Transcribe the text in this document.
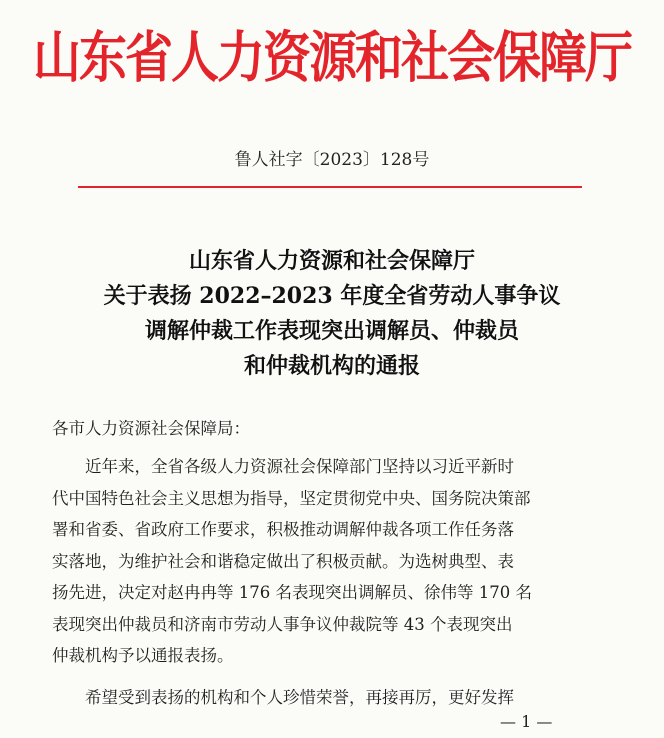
山东省人力资源和社会保障厅
鲁人社字〔2023〕128号
山东省人力资源和社会保障厅
关于表扬 2022–2023 年度全省劳动人事争议
调解仲裁工作表现突出调解员、仲裁员
和仲裁机构的通报
各市人力资源社会保障局：
近年来，全省各级人力资源社会保障部门坚持以习近平新时
代中国特色社会主义思想为指导，坚定贯彻党中央、国务院决策部
署和省委、省政府工作要求，积极推动调解仲裁各项工作任务落
实落地，为维护社会和谐稳定做出了积极贡献。为选树典型、表
扬先进，决定对赵冉冉等 176 名表现突出调解员、徐伟等 170 名
表现突出仲裁员和济南市劳动人事争议仲裁院等 43 个表现突出
仲裁机构予以通报表扬。
希望受到表扬的机构和个人珍惜荣誉，再接再厉，更好发挥
— 1 —
